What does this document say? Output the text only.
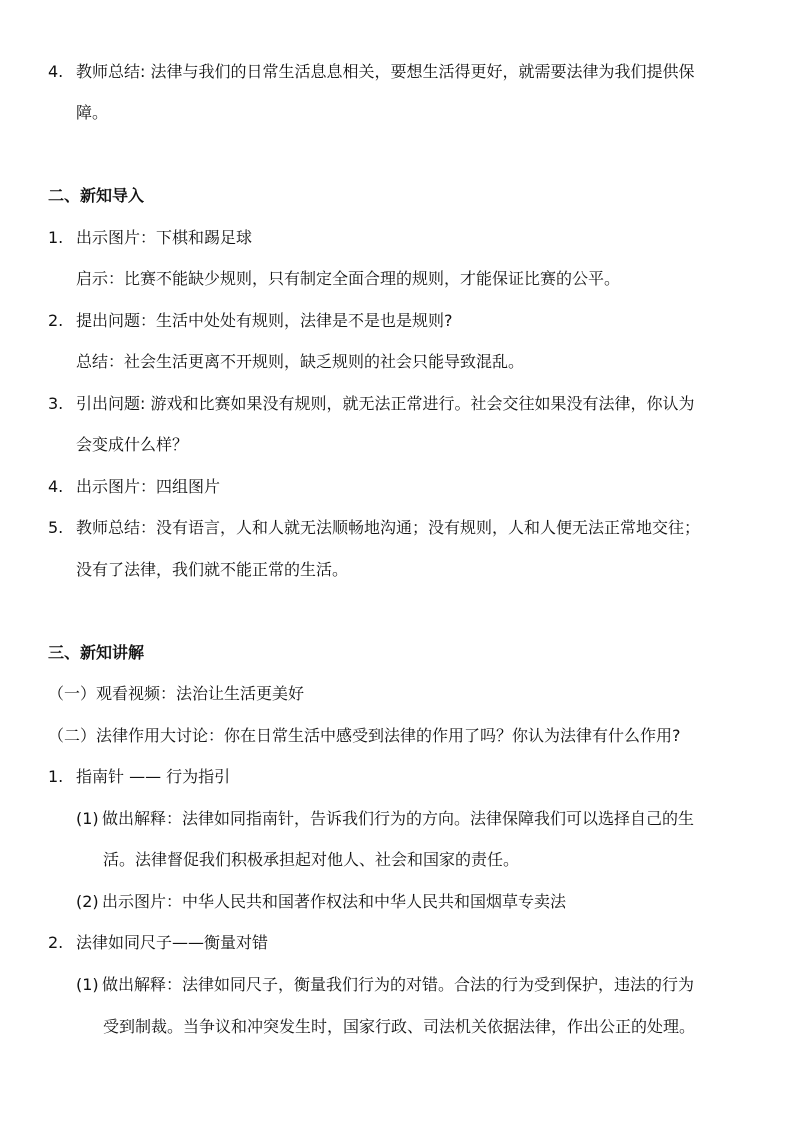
4. 教师总结: 法律与我们的日常生活息息相关，要想生活得更好，就需要法律为我们提供保
障。
二、新知导入
1. 出示图片：下棋和踢足球
启示：比赛不能缺少规则，只有制定全面合理的规则，才能保证比赛的公平。
2. 提出问题：生活中处处有规则，法律是不是也是规则?
总结：社会生活更离不开规则，缺乏规则的社会只能导致混乱。
3. 引出问题: 游戏和比赛如果没有规则，就无法正常进行。社会交往如果没有法律，你认为
会变成什么样？
4. 出示图片：四组图片
5. 教师总结：没有语言，人和人就无法顺畅地沟通；没有规则，人和人便无法正常地交往；
没有了法律，我们就不能正常的生活。
三、新知讲解
（一）观看视频：法治让生活更美好
（二）法律作用大讨论：你在日常生活中感受到法律的作用了吗？你认为法律有什么作用?
1. 指南针 —— 行为指引
(1) 做出解释：法律如同指南针，告诉我们行为的方向。法律保障我们可以选择自己的生
活。法律督促我们积极承担起对他人、社会和国家的责任。
(2) 出示图片：中华人民共和国著作权法和中华人民共和国烟草专卖法
2. 法律如同尺子——衡量对错
(1) 做出解释：法律如同尺子，衡量我们行为的对错。合法的行为受到保护，违法的行为
受到制裁。当争议和冲突发生时，国家行政、司法机关依据法律，作出公正的处理。
